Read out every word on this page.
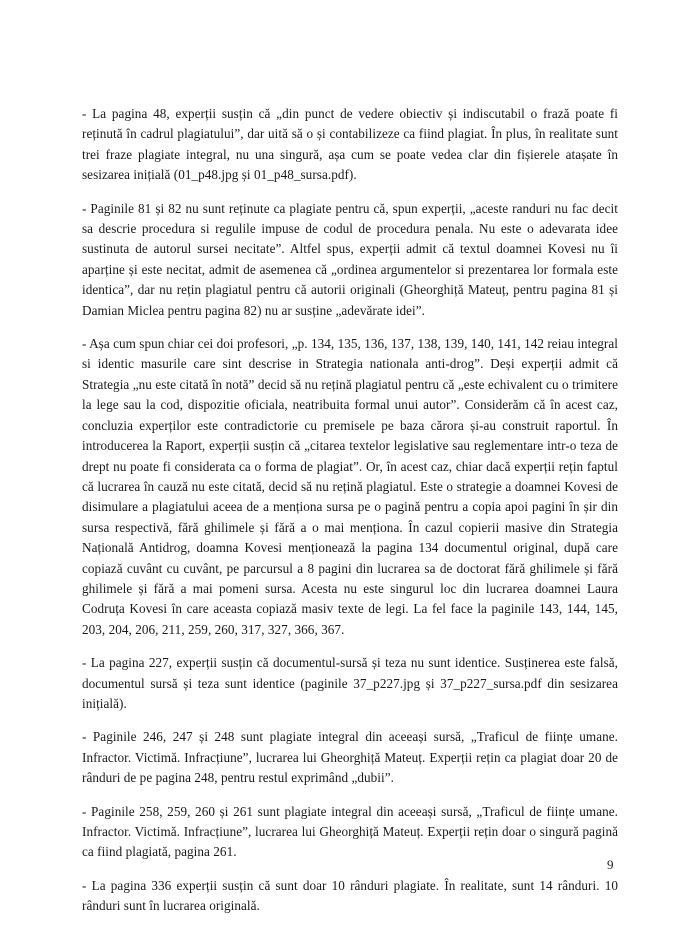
- La pagina 48, experții susțin că „din punct de vedere obiectiv și indiscutabil o frază poate fi reținută în cadrul plagiatului”, dar uită să o și contabilizeze ca fiind plagiat. În plus, în realitate sunt trei fraze plagiate integral, nu una singură, așa cum se poate vedea clar din fișierele atașate în sesizarea inițială (01_p48.jpg și 01_p48_sursa.pdf).

- Paginile 81 și 82 nu sunt reținute ca plagiate pentru că, spun experții, „aceste randuri nu fac decit sa descrie procedura si regulile impuse de codul de procedura penala. Nu este o adevarata idee sustinuta de autorul sursei necitate”. Altfel spus, experții admit că textul doamnei Kovesi nu îi aparține și este necitat, admit de asemenea că „ordinea argumentelor si prezentarea lor formala este identica”, dar nu rețin plagiatul pentru că autorii originali (Gheorghiță Mateuț, pentru pagina 81 și Damian Miclea pentru pagina 82) nu ar susține „adevărate idei”.

- Așa cum spun chiar cei doi profesori, „p. 134, 135, 136, 137, 138, 139, 140, 141, 142 reiau integral si identic masurile care sint descrise in Strategia nationala anti-drog”. Deși experții admit că Strategia „nu este citată în notă” decid să nu rețină plagiatul pentru că „este echivalent cu o trimitere la lege sau la cod, dispozitie oficiala, neatribuita formal unui autor”. Considerăm că în acest caz, concluzia experților este contradictorie cu premisele pe baza cărora și-au construit raportul. În introducerea la Raport, experții susțin că „citarea textelor legislative sau reglementare intr-o teza de drept nu poate fi considerata ca o forma de plagiat”. Or, în acest caz, chiar dacă experții rețin faptul că lucrarea în cauză nu este citată, decid să nu rețină plagiatul. Este o strategie a doamnei Kovesi de disimulare a plagiatului aceea de a menționa sursa pe o pagină pentru a copia apoi pagini în șir din sursa respectivă, fără ghilimele și fără a o mai menționa. În cazul copierii masive din Strategia Națională Antidrog, doamna Kovesi menționează la pagina 134 documentul original, după care copiază cuvânt cu cuvânt, pe parcursul a 8 pagini din lucrarea sa de doctorat fără ghilimele și fără ghilimele și fără a mai pomeni sursa. Acesta nu este singurul loc din lucrarea doamnei Laura Codruța Kovesi în care aceasta copiază masiv texte de legi. La fel face la paginile 143, 144, 145, 203, 204, 206, 211, 259, 260, 317, 327, 366, 367.

- La pagina 227, experții susțin că documentul-sursă și teza nu sunt identice. Susținerea este falsă, documentul sursă și teza sunt identice (paginile 37_p227.jpg și 37_p227_sursa.pdf din sesizarea inițială).

- Paginile 246, 247 și 248 sunt plagiate integral din aceeași sursă, „Traficul de ființe umane. Infractor. Victimă. Infracțiune”, lucrarea lui Gheorghiță Mateuț. Experții rețin ca plagiat doar 20 de rânduri de pe pagina 248, pentru restul exprimând „dubii”.

- Paginile 258, 259, 260 și 261 sunt plagiate integral din aceeași sursă, „Traficul de ființe umane. Infractor. Victimă. Infracțiune”, lucrarea lui Gheorghiță Mateuț. Experții rețin doar o singură pagină ca fiind plagiată, pagina 261.

- La pagina 336 experții susțin că sunt doar 10 rânduri plagiate. În realitate, sunt 14 rânduri. 10 rânduri sunt în lucrarea originală.

9
